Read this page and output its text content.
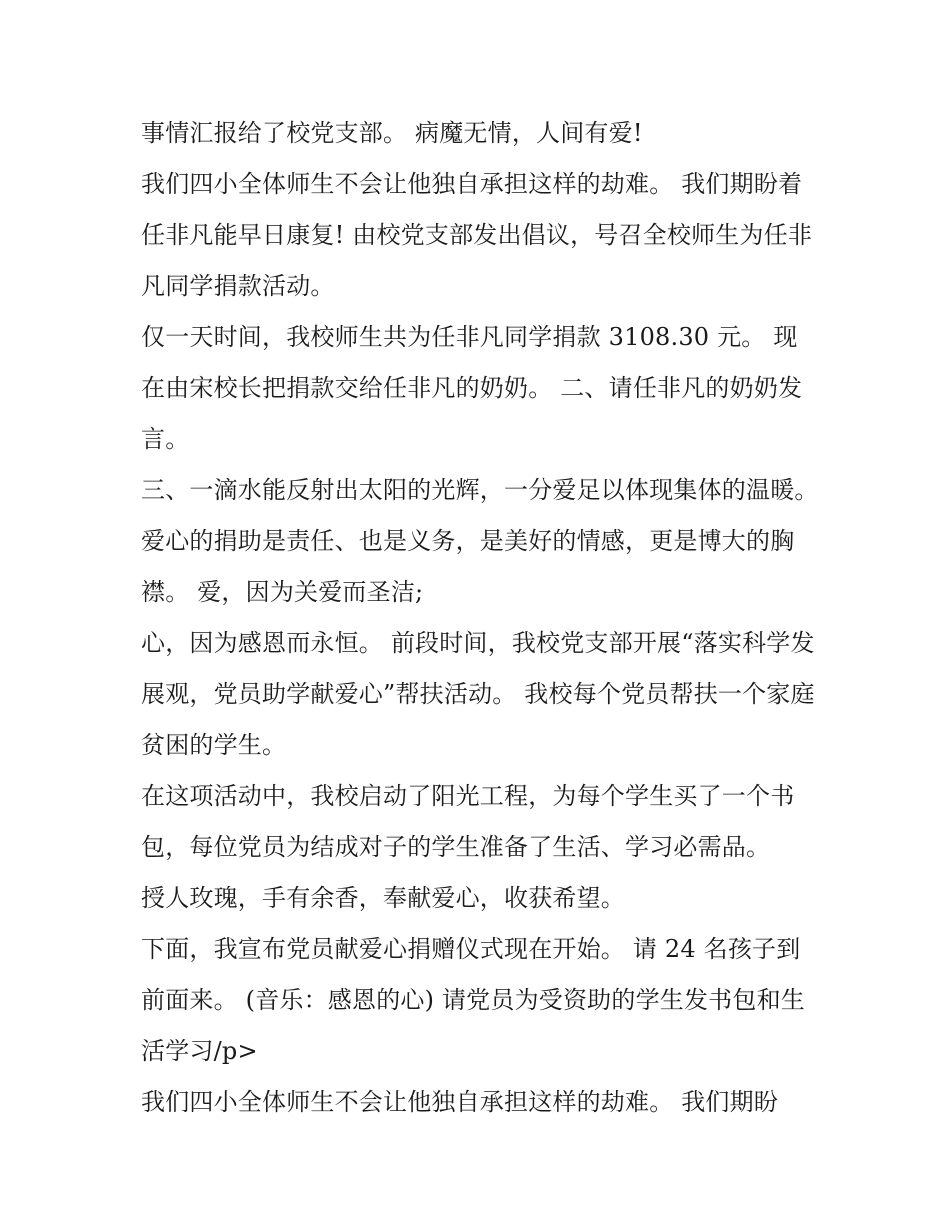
事情汇报给了校党支部。 病魔无情，人间有爱!

我们四小全体师生不会让他独自承担这样的劫难。 我们期盼着任非凡能早日康复! 由校党支部发出倡议，号召全校师生为任非凡同学捐款活动。

仅一天时间，我校师生共为任非凡同学捐款 3108.30 元。 现在由宋校长把捐款交给任非凡的奶奶。 二、请任非凡的奶奶发言。

三、一滴水能反射出太阳的光辉，一分爱足以体现集体的温暖。 爱心的捐助是责任、也是义务，是美好的情感，更是博大的胸襟。 爱，因为关爱而圣洁;

心，因为感恩而永恒。 前段时间，我校党支部开展“落实科学发展观，党员助学献爱心”帮扶活动。 我校每个党员帮扶一个家庭贫困的学生。

在这项活动中，我校启动了阳光工程，为每个学生买了一个书包，每位党员为结成对子的学生准备了生活、学习必需品。

授人玫瑰，手有余香，奉献爱心，收获希望。

下面，我宣布党员献爱心捐赠仪式现在开始。 请 24 名孩子到前面来。 (音乐：感恩的心) 请党员为受资助的学生发书包和生活学习/p>

我们四小全体师生不会让他独自承担这样的劫难。 我们期盼
